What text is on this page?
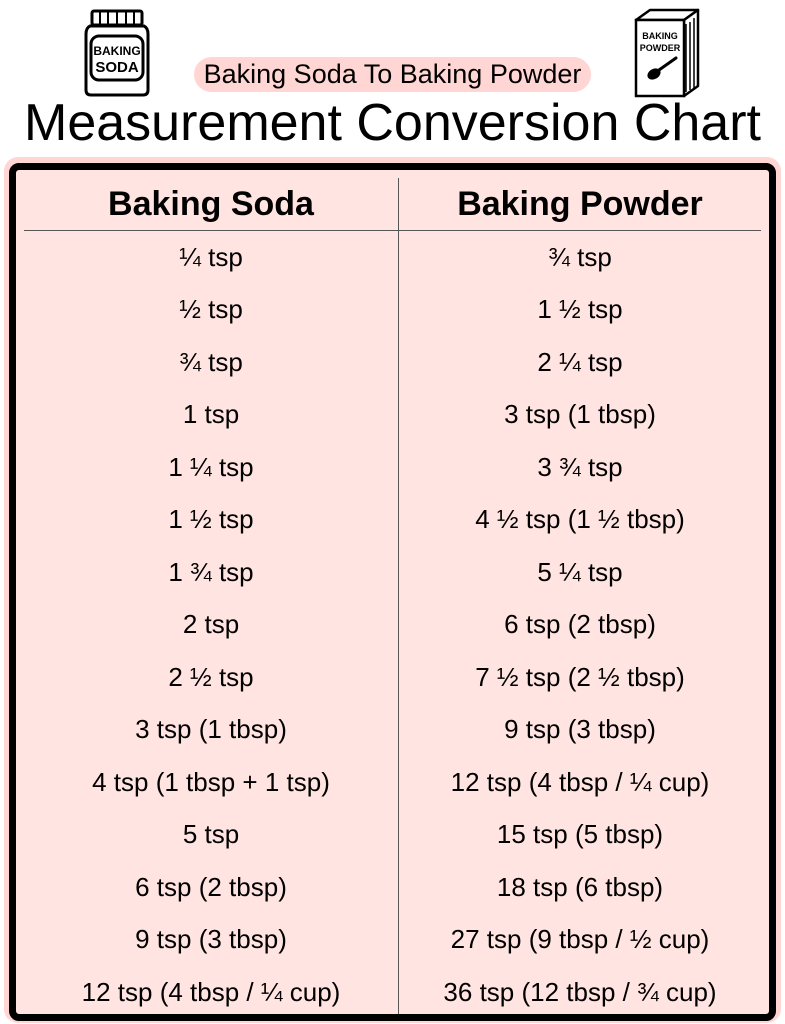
BAKING
SODA
BAKING
POWDER
Baking Soda To Baking Powder
Measurement Conversion Chart
Baking Soda	Baking Powder
¼ tsp	¾ tsp
½ tsp	1 ½ tsp
¾ tsp	2 ¼ tsp
1 tsp	3 tsp (1 tbsp)
1 ¼ tsp	3 ¾ tsp
1 ½ tsp	4 ½ tsp (1 ½ tbsp)
1 ¾ tsp	5 ¼ tsp
2 tsp	6 tsp (2 tbsp)
2 ½ tsp	7 ½ tsp (2 ½ tbsp)
3 tsp (1 tbsp)	9 tsp (3 tbsp)
4 tsp (1 tbsp + 1 tsp)	12 tsp (4 tbsp / ¼ cup)
5 tsp	15 tsp (5 tbsp)
6 tsp (2 tbsp)	18 tsp (6 tbsp)
9 tsp (3 tbsp)	27 tsp (9 tbsp / ½ cup)
12 tsp (4 tbsp / ¼ cup)	36 tsp (12 tbsp / ¾ cup)
